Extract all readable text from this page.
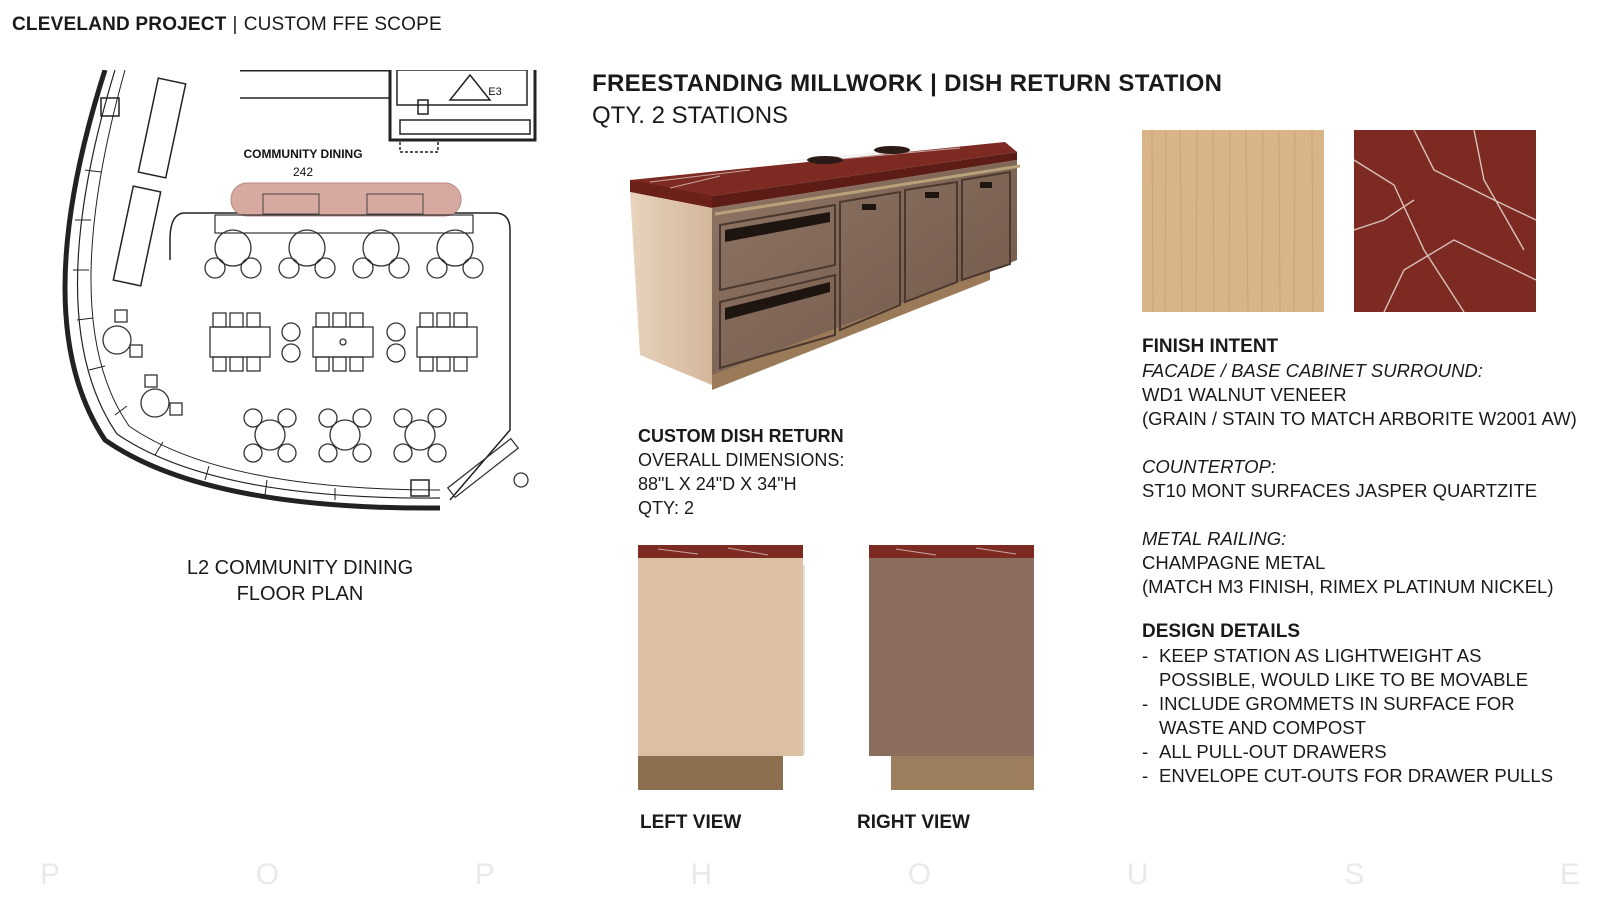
CLEVELAND PROJECT | CUSTOM FFE SCOPE
COMMUNITY DINING
242
E3
L2 COMMUNITY DINING
FLOOR PLAN
FREESTANDING MILLWORK | DISH RETURN STATION
QTY. 2 STATIONS
CUSTOM DISH RETURN
OVERALL DIMENSIONS:
88"L X 24"D X 34"H
QTY: 2
LEFT VIEW	RIGHT VIEW
FINISH INTENT
FACADE / BASE CABINET SURROUND:
WD1 WALNUT VENEER
(GRAIN / STAIN TO MATCH ARBORITE W2001 AW)
COUNTERTOP:
ST10 MONT SURFACES JASPER QUARTZITE
METAL RAILING:
CHAMPAGNE METAL
(MATCH M3 FINISH, RIMEX PLATINUM NICKEL)
DESIGN DETAILS
- KEEP STATION AS LIGHTWEIGHT AS
POSSIBLE, WOULD LIKE TO BE MOVABLE
- INCLUDE GROMMETS IN SURFACE FOR
WASTE AND COMPOST
- ALL PULL-OUT DRAWERS
- ENVELOPE CUT-OUTS FOR DRAWER PULLS
P	O	P	H	O	U	S	E
